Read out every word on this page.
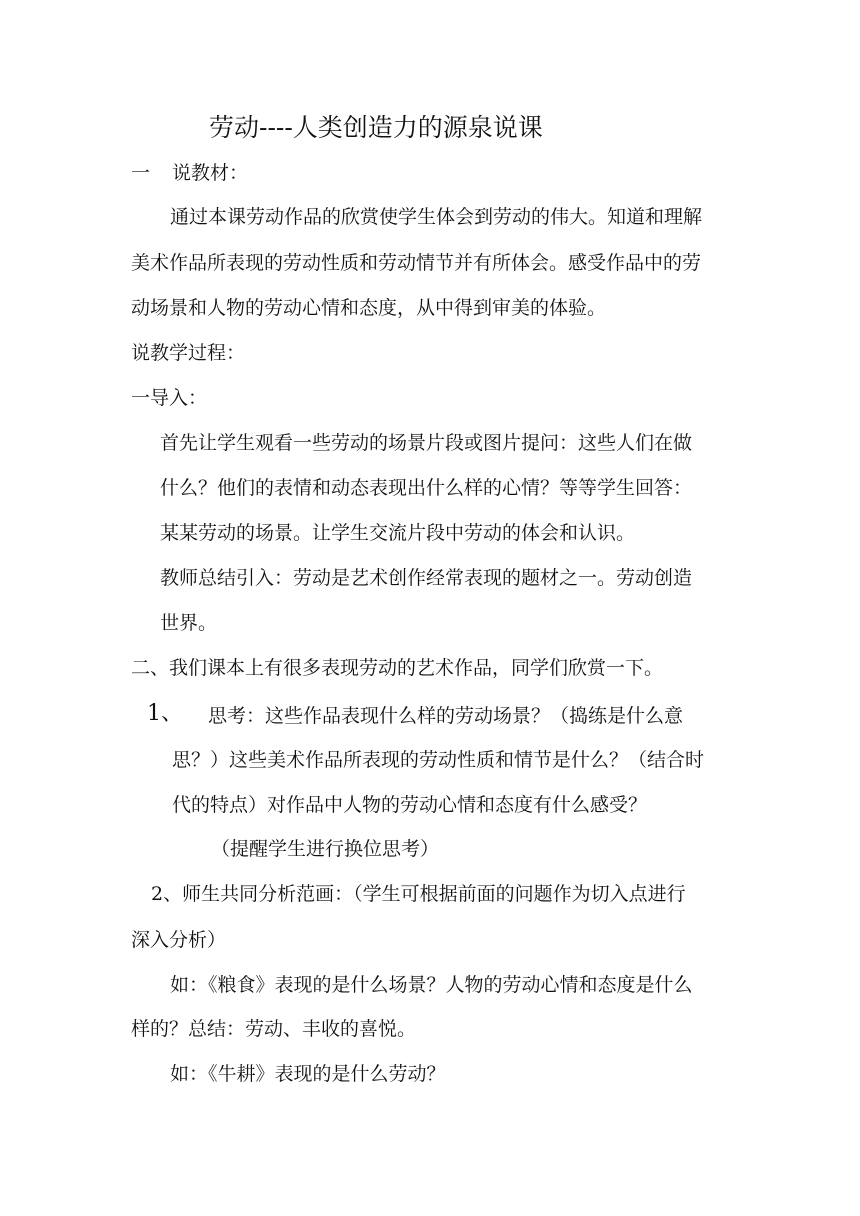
劳动----人类创造力的源泉说课
一 说教材：
通过本课劳动作品的欣赏使学生体会到劳动的伟大。知道和理解
美术作品所表现的劳动性质和劳动情节并有所体会。感受作品中的劳
动场景和人物的劳动心情和态度，从中得到审美的体验。
说教学过程：
一导入：
首先让学生观看一些劳动的场景片段或图片提问：这些人们在做
什么？他们的表情和动态表现出什么样的心情？等等学生回答：
某某劳动的场景。让学生交流片段中劳动的体会和认识。
教师总结引入：劳动是艺术创作经常表现的题材之一。劳动创造
世界。
二、我们课本上有很多表现劳动的艺术作品，同学们欣赏一下。
1、 思考：这些作品表现什么样的劳动场景？（捣练是什么意
思？）这些美术作品所表现的劳动性质和情节是什么？（结合时
代的特点）对作品中人物的劳动心情和态度有什么感受？
（提醒学生进行换位思考）
2、师生共同分析范画：（学生可根据前面的问题作为切入点进行
深入分析）
如：《粮食》表现的是什么场景？人物的劳动心情和态度是什么
样的？总结：劳动、丰收的喜悦。
如：《牛耕》表现的是什么劳动？
